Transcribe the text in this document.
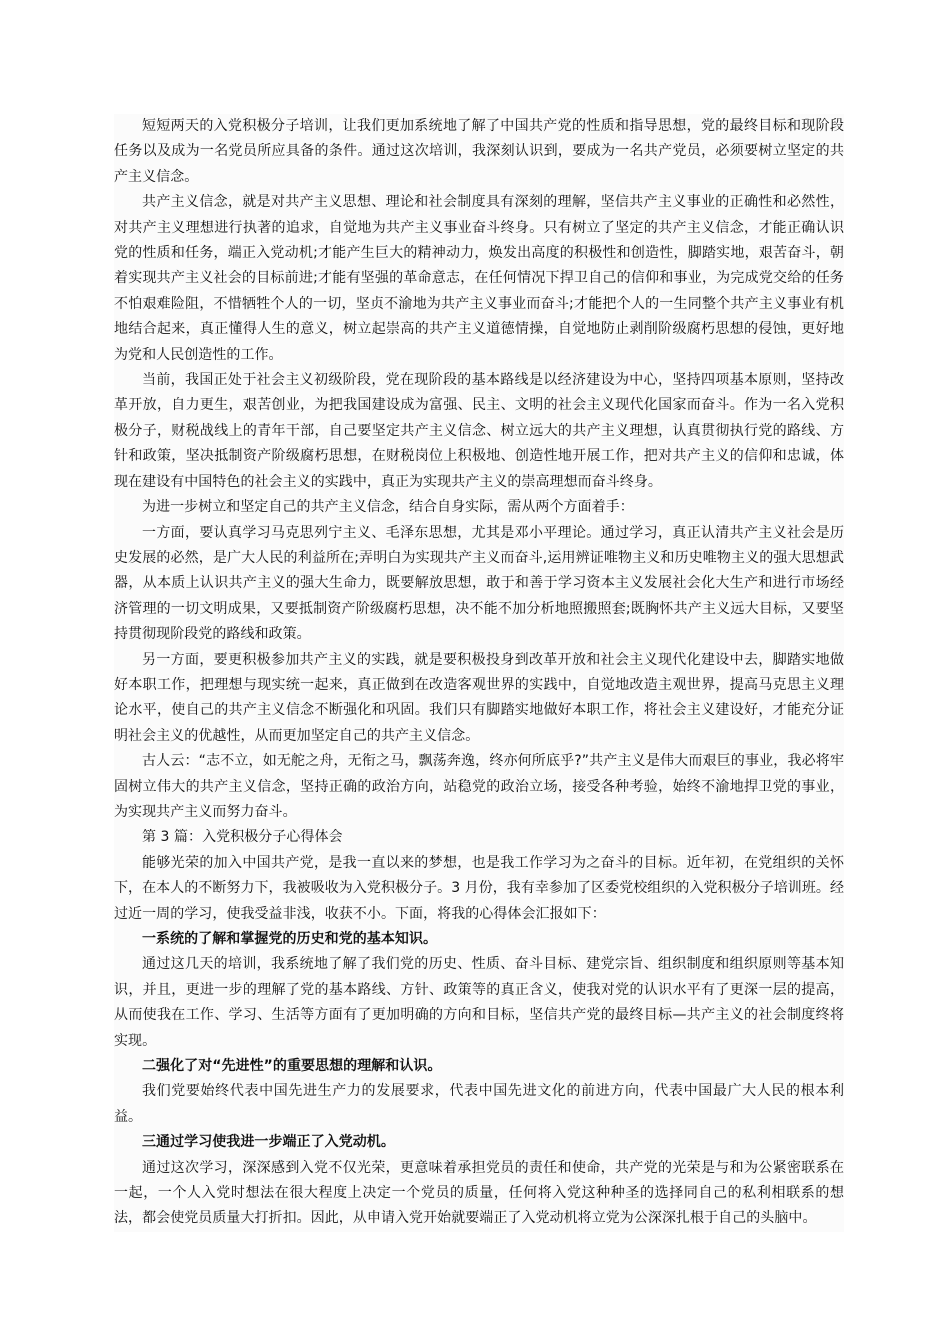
短短两天的入党积极分子培训，让我们更加系统地了解了中国共产党的性质和指导思想，党的最终目标和现阶段任务以及成为一名党员所应具备的条件。通过这次培训，我深刻认识到，要成为一名共产党员，必须要树立坚定的共产主义信念。

共产主义信念，就是对共产主义思想、理论和社会制度具有深刻的理解，坚信共产主义事业的正确性和必然性，对共产主义理想进行执著的追求，自觉地为共产主义事业奋斗终身。只有树立了坚定的共产主义信念，才能正确认识党的性质和任务，端正入党动机;才能产生巨大的精神动力，焕发出高度的积极性和创造性，脚踏实地，艰苦奋斗，朝着实现共产主义社会的目标前进;才能有坚强的革命意志，在任何情况下捍卫自己的信仰和事业，为完成党交给的任务不怕艰难险阻，不惜牺牲个人的一切，坚贞不渝地为共产主义事业而奋斗;才能把个人的一生同整个共产主义事业有机地结合起来，真正懂得人生的意义，树立起崇高的共产主义道德情操，自觉地防止剥削阶级腐朽思想的侵蚀，更好地为党和人民创造性的工作。

当前，我国正处于社会主义初级阶段，党在现阶段的基本路线是以经济建设为中心，坚持四项基本原则，坚持改革开放，自力更生，艰苦创业，为把我国建设成为富强、民主、文明的社会主义现代化国家而奋斗。作为一名入党积极分子，财税战线上的青年干部，自己要坚定共产主义信念、树立远大的共产主义理想，认真贯彻执行党的路线、方针和政策，坚决抵制资产阶级腐朽思想，在财税岗位上积极地、创造性地开展工作，把对共产主义的信仰和忠诚，体现在建设有中国特色的社会主义的实践中，真正为实现共产主义的崇高理想而奋斗终身。

为进一步树立和坚定自己的共产主义信念，结合自身实际，需从两个方面着手：

一方面，要认真学习马克思列宁主义、毛泽东思想，尤其是邓小平理论。通过学习，真正认清共产主义社会是历史发展的必然，是广大人民的利益所在;弄明白为实现共产主义而奋斗,运用辨证唯物主义和历史唯物主义的强大思想武器，从本质上认识共产主义的强大生命力，既要解放思想，敢于和善于学习资本主义发展社会化大生产和进行市场经济管理的一切文明成果，又要抵制资产阶级腐朽思想，决不能不加分析地照搬照套;既胸怀共产主义远大目标，又要坚持贯彻现阶段党的路线和政策。

另一方面，要更积极参加共产主义的实践，就是要积极投身到改革开放和社会主义现代化建设中去，脚踏实地做好本职工作，把理想与现实统一起来，真正做到在改造客观世界的实践中，自觉地改造主观世界，提高马克思主义理论水平，使自己的共产主义信念不断强化和巩固。我们只有脚踏实地做好本职工作，将社会主义建设好，才能充分证明社会主义的优越性，从而更加坚定自己的共产主义信念。

古人云：“志不立，如无舵之舟，无衔之马，飘荡奔逸，终亦何所底乎?”共产主义是伟大而艰巨的事业，我必将牢固树立伟大的共产主义信念，坚持正确的政治方向，站稳党的政治立场，接受各种考验，始终不渝地捍卫党的事业，为实现共产主义而努力奋斗。

第 3 篇：入党积极分子心得体会

能够光荣的加入中国共产党，是我一直以来的梦想，也是我工作学习为之奋斗的目标。近年初，在党组织的关怀下，在本人的不断努力下，我被吸收为入党积极分子。3 月份，我有幸参加了区委党校组织的入党积极分子培训班。经过近一周的学习，使我受益非浅，收获不小。下面，将我的心得体会汇报如下：

一系统的了解和掌握党的历史和党的基本知识。

通过这几天的培训，我系统地了解了我们党的历史、性质、奋斗目标、建党宗旨、组织制度和组织原则等基本知识，并且，更进一步的理解了党的基本路线、方针、政策等的真正含义，使我对党的认识水平有了更深一层的提高，从而使我在工作、学习、生活等方面有了更加明确的方向和目标，坚信共产党的最终目标—共产主义的社会制度终将实现。

二强化了对“先进性”的重要思想的理解和认识。

我们党要始终代表中国先进生产力的发展要求，代表中国先进文化的前进方向，代表中国最广大人民的根本利益。

三通过学习使我进一步端正了入党动机。

通过这次学习，深深感到入党不仅光荣，更意味着承担党员的责任和使命，共产党的光荣是与和为公紧密联系在一起，一个人入党时想法在很大程度上决定一个党员的质量，任何将入党这种种圣的选择同自己的私利相联系的想法，都会使党员质量大打折扣。因此，从申请入党开始就要端正了入党动机将立党为公深深扎根于自己的头脑中。
